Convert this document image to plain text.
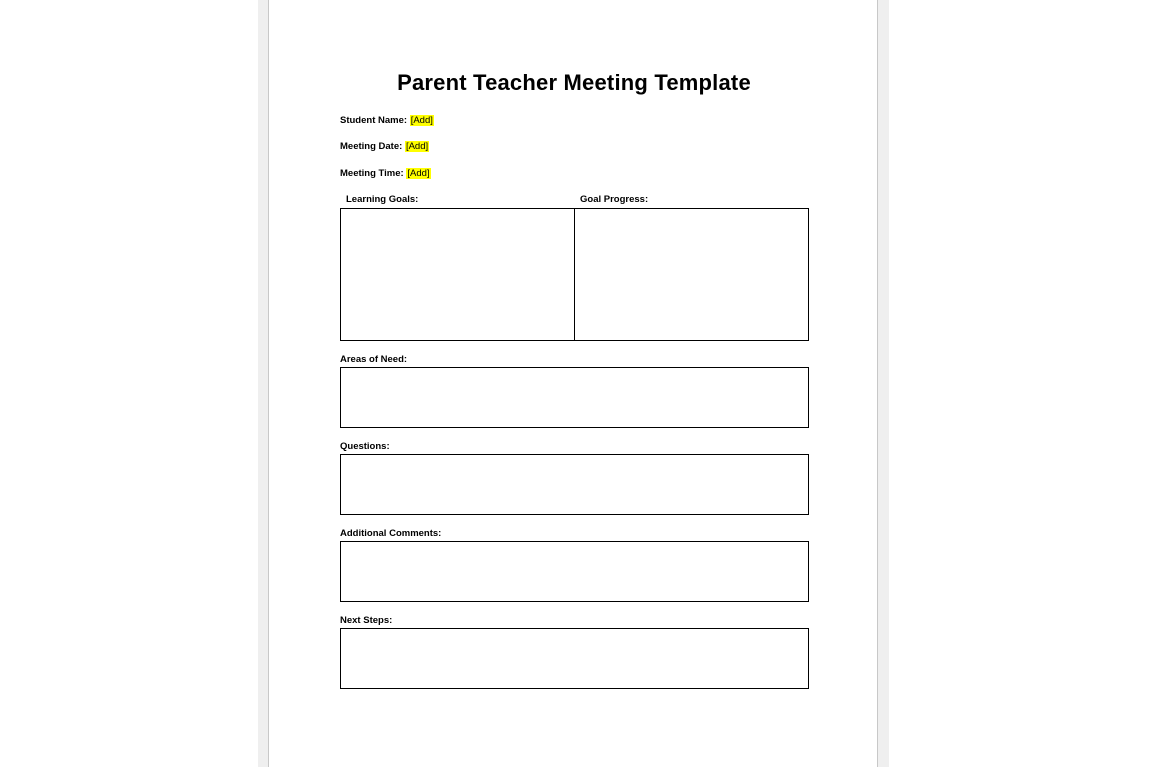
Parent Teacher Meeting Template
Student Name: [Add]
Meeting Date: [Add]
Meeting Time: [Add]
Learning Goals:	Goal Progress:
Areas of Need:
Questions:
Additional Comments:
Next Steps:
